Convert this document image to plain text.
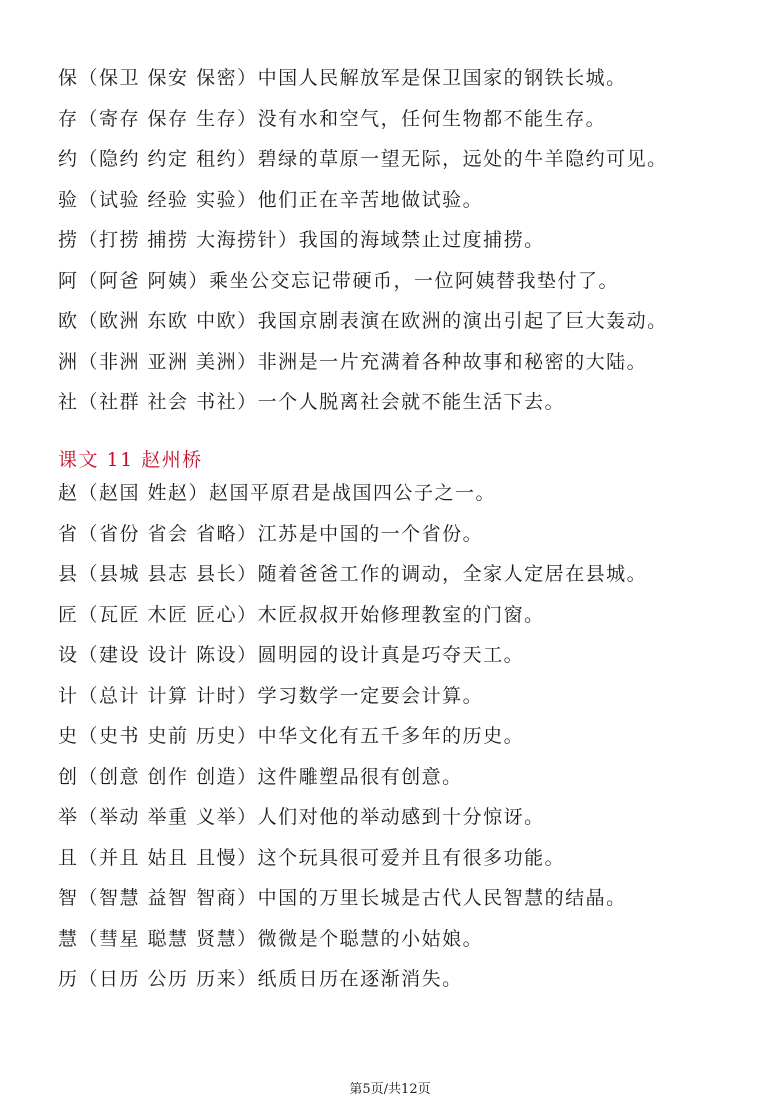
保（保卫 保安 保密）中国人民解放军是保卫国家的钢铁长城。
存（寄存 保存 生存）没有水和空气，任何生物都不能生存。
约（隐约 约定 租约）碧绿的草原一望无际，远处的牛羊隐约可见。
验（试验 经验 实验）他们正在辛苦地做试验。
捞（打捞 捕捞 大海捞针）我国的海域禁止过度捕捞。
阿（阿爸 阿姨）乘坐公交忘记带硬币，一位阿姨替我垫付了。
欧（欧洲 东欧 中欧）我国京剧表演在欧洲的演出引起了巨大轰动。
洲（非洲 亚洲 美洲）非洲是一片充满着各种故事和秘密的大陆。
社（社群 社会 书社）一个人脱离社会就不能生活下去。
课文 11 赵州桥
赵（赵国 姓赵）赵国平原君是战国四公子之一。
省（省份 省会 省略）江苏是中国的一个省份。
县（县城 县志 县长）随着爸爸工作的调动，全家人定居在县城。
匠（瓦匠 木匠 匠心）木匠叔叔开始修理教室的门窗。
设（建设 设计 陈设）圆明园的设计真是巧夺天工。
计（总计 计算 计时）学习数学一定要会计算。
史（史书 史前 历史）中华文化有五千多年的历史。
创（创意 创作 创造）这件雕塑品很有创意。
举（举动 举重 义举）人们对他的举动感到十分惊讶。
且（并且 姑且 且慢）这个玩具很可爱并且有很多功能。
智（智慧 益智 智商）中国的万里长城是古代人民智慧的结晶。
慧（彗星 聪慧 贤慧）微微是个聪慧的小姑娘。
历（日历 公历 历来）纸质日历在逐渐消失。
第5页/共12页
